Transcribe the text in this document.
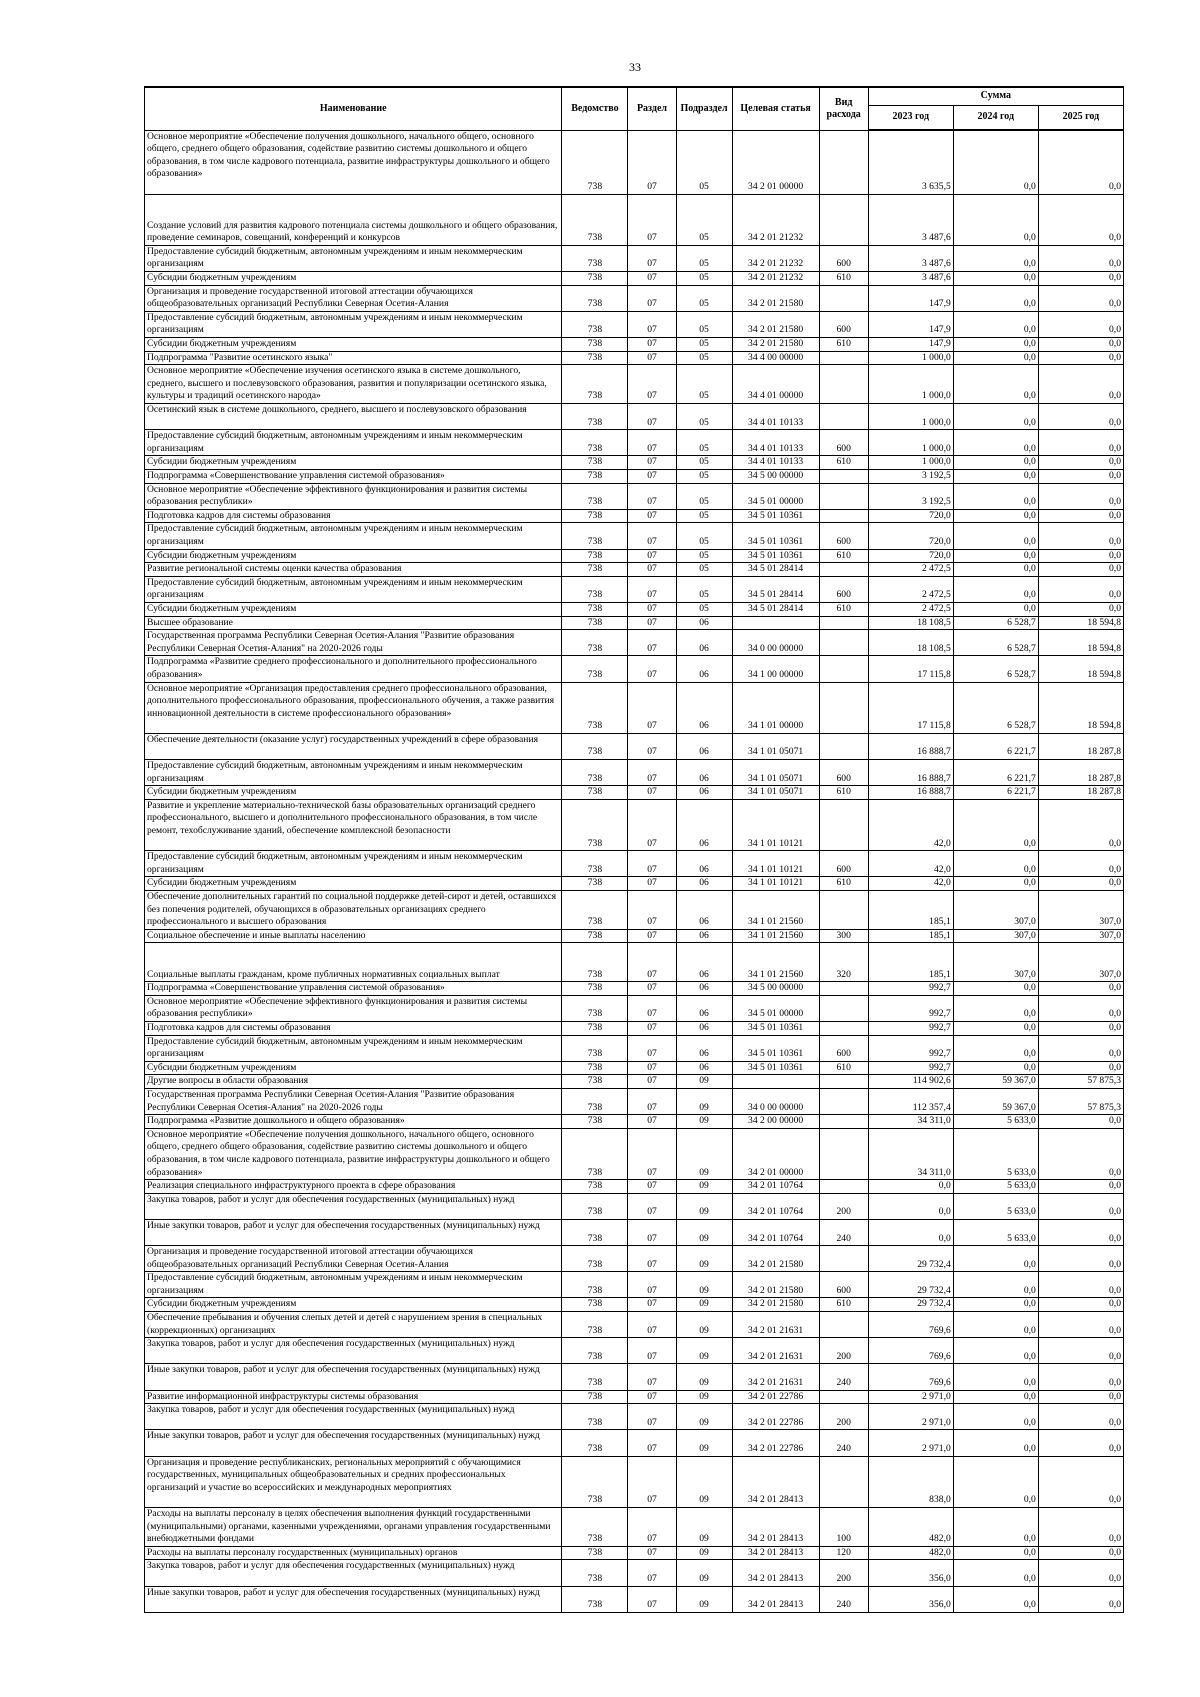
33
Наименование	Ведомство	Раздел	Подраздел	Целевая статья	Вид расхода	Сумма		
						2023 год	2024 год	2025 год
Основное мероприятие «Обеспечение получения дошкольного, начального общего, основного общего, среднего общего образования, содействие развитию системы дошкольного и общего образования, в том числе кадрового потенциала, развитие инфраструктуры дошкольного и общего образования»	738	07	05	34 2 01 00000		3 635,5	0,0	0,0
Создание условий для развития кадрового потенциала системы дошкольного и общего образования, проведение семинаров, совещаний, конференций и конкурсов	738	07	05	34 2 01 21232		3 487,6	0,0	0,0
Предоставление субсидий бюджетным, автономным учреждениям и иным некоммерческим организациям	738	07	05	34 2 01 21232	600	3 487,6	0,0	0,0
Субсидии бюджетным учреждениям	738	07	05	34 2 01 21232	610	3 487,6	0,0	0,0
Организация и проведение государственной итоговой аттестации обучающихся общеобразовательных организаций Республики Северная Осетия-Алания	738	07	05	34 2 01 21580		147,9	0,0	0,0
Предоставление субсидий бюджетным, автономным учреждениям и иным некоммерческим организациям	738	07	05	34 2 01 21580	600	147,9	0,0	0,0
Субсидии бюджетным учреждениям	738	07	05	34 2 01 21580	610	147,9	0,0	0,0
Подпрограмма "Развитие осетинского языка"	738	07	05	34 4 00 00000		1 000,0	0,0	0,0
Основное мероприятие «Обеспечение изучения осетинского языка в системе дошкольного, среднего, высшего и послевузовского образования, развития и популяризации осетинского языка, культуры и традиций осетинского народа»	738	07	05	34 4 01 00000		1 000,0	0,0	0,0
Осетинский язык в системе дошкольного, среднего, высшего и послевузовского образования	738	07	05	34 4 01 10133		1 000,0	0,0	0,0
Предоставление субсидий бюджетным, автономным учреждениям и иным некоммерческим организациям	738	07	05	34 4 01 10133	600	1 000,0	0,0	0,0
Субсидии бюджетным учреждениям	738	07	05	34 4 01 10133	610	1 000,0	0,0	0,0
Подпрограмма «Совершенствование управления системой образования»	738	07	05	34 5 00 00000		3 192,5	0,0	0,0
Основное мероприятие «Обеспечение эффективного функционирования и развития системы образования республики»	738	07	05	34 5 01 00000		3 192,5	0,0	0,0
Подготовка кадров для системы образования	738	07	05	34 5 01 10361		720,0	0,0	0,0
Предоставление субсидий бюджетным, автономным учреждениям и иным некоммерческим организациям	738	07	05	34 5 01 10361	600	720,0	0,0	0,0
Субсидии бюджетным учреждениям	738	07	05	34 5 01 10361	610	720,0	0,0	0,0
Развитие региональной системы оценки качества образования	738	07	05	34 5 01 28414		2 472,5	0,0	0,0
Предоставление субсидий бюджетным, автономным учреждениям и иным некоммерческим организациям	738	07	05	34 5 01 28414	600	2 472,5	0,0	0,0
Субсидии бюджетным учреждениям	738	07	05	34 5 01 28414	610	2 472,5	0,0	0,0
Высшее образование	738	07	06			18 108,5	6 528,7	18 594,8
Государственная программа Республики Северная Осетия-Алания "Развитие образования Республики Северная Осетия-Алания" на 2020-2026 годы	738	07	06	34 0 00 00000		18 108,5	6 528,7	18 594,8
Подпрограмма «Развитие среднего профессионального и дополнительного профессионального образования»	738	07	06	34 1 00 00000		17 115,8	6 528,7	18 594,8
Основное мероприятие «Организация предоставления среднего профессионального образования, дополнительного профессионального образования, профессионального обучения, а также развития инновационной деятельности в системе профессионального образования»	738	07	06	34 1 01 00000		17 115,8	6 528,7	18 594,8
Обеспечение деятельности (оказание услуг) государственных учреждений в сфере образования	738	07	06	34 1 01 05071		16 888,7	6 221,7	18 287,8
Предоставление субсидий бюджетным, автономным учреждениям и иным некоммерческим организациям	738	07	06	34 1 01 05071	600	16 888,7	6 221,7	18 287,8
Субсидии бюджетным учреждениям	738	07	06	34 1 01 05071	610	16 888,7	6 221,7	18 287,8
Развитие и укрепление материально-технической базы образовательных организаций среднего профессионального, высшего и дополнительного профессионального образования, в том числе ремонт, техобслуживание зданий, обеспечение комплексной безопасности	738	07	06	34 1 01 10121		42,0	0,0	0,0
Предоставление субсидий бюджетным, автономным учреждениям и иным некоммерческим организациям	738	07	06	34 1 01 10121	600	42,0	0,0	0,0
Субсидии бюджетным учреждениям	738	07	06	34 1 01 10121	610	42,0	0,0	0,0
Обеспечение дополнительных гарантий по социальной поддержке детей-сирот и детей, оставшихся без попечения родителей, обучающихся в образовательных организациях среднего профессионального и высшего образования	738	07	06	34 1 01 21560		185,1	307,0	307,0
Социальное обеспечение и иные выплаты населению	738	07	06	34 1 01 21560	300	185,1	307,0	307,0
Социальные выплаты гражданам, кроме публичных нормативных социальных выплат	738	07	06	34 1 01 21560	320	185,1	307,0	307,0
Подпрограмма «Совершенствование управления системой образования»	738	07	06	34 5 00 00000		992,7	0,0	0,0
Основное мероприятие «Обеспечение эффективного функционирования и развития системы образования республики»	738	07	06	34 5 01 00000		992,7	0,0	0,0
Подготовка кадров для системы образования	738	07	06	34 5 01 10361		992,7	0,0	0,0
Предоставление субсидий бюджетным, автономным учреждениям и иным некоммерческим организациям	738	07	06	34 5 01 10361	600	992,7	0,0	0,0
Субсидии бюджетным учреждениям	738	07	06	34 5 01 10361	610	992,7	0,0	0,0
Другие вопросы в области образования	738	07	09			114 902,6	59 367,0	57 875,3
Государственная программа Республики Северная Осетия-Алания "Развитие образования Республики Северная Осетия-Алания" на 2020-2026 годы	738	07	09	34 0 00 00000		112 357,4	59 367,0	57 875,3
Подпрограмма «Развитие дошкольного и общего образования»	738	07	09	34 2 00 00000		34 311,0	5 633,0	0,0
Основное мероприятие «Обеспечение получения дошкольного, начального общего, основного общего, среднего общего образования, содействие развитию системы дошкольного и общего образования, в том числе кадрового потенциала, развитие инфраструктуры дошкольного и общего образования»	738	07	09	34 2 01 00000		34 311,0	5 633,0	0,0
Реализация специального инфраструктурного проекта в сфере образования	738	07	09	34 2 01 10764		0,0	5 633,0	0,0
Закупка товаров, работ и услуг для обеспечения государственных (муниципальных) нужд	738	07	09	34 2 01 10764	200	0,0	5 633,0	0,0
Иные закупки товаров, работ и услуг для обеспечения государственных (муниципальных) нужд	738	07	09	34 2 01 10764	240	0,0	5 633,0	0,0
Организация и проведение государственной итоговой аттестации обучающихся общеобразовательных организаций Республики Северная Осетия-Алания	738	07	09	34 2 01 21580		29 732,4	0,0	0,0
Предоставление субсидий бюджетным, автономным учреждениям и иным некоммерческим организациям	738	07	09	34 2 01 21580	600	29 732,4	0,0	0,0
Субсидии бюджетным учреждениям	738	07	09	34 2 01 21580	610	29 732,4	0,0	0,0
Обеспечение пребывания и обучения слепых детей и детей с нарушением зрения в специальных (коррекционных) организациях	738	07	09	34 2 01 21631		769,6	0,0	0,0
Закупка товаров, работ и услуг для обеспечения государственных (муниципальных) нужд	738	07	09	34 2 01 21631	200	769,6	0,0	0,0
Иные закупки товаров, работ и услуг для обеспечения государственных (муниципальных) нужд	738	07	09	34 2 01 21631	240	769,6	0,0	0,0
Развитие информационной инфраструктуры системы образования	738	07	09	34 2 01 22786		2 971,0	0,0	0,0
Закупка товаров, работ и услуг для обеспечения государственных (муниципальных) нужд	738	07	09	34 2 01 22786	200	2 971,0	0,0	0,0
Иные закупки товаров, работ и услуг для обеспечения государственных (муниципальных) нужд	738	07	09	34 2 01 22786	240	2 971,0	0,0	0,0
Организация и проведение республиканских, региональных мероприятий с обучающимися государственных, муниципальных общеобразовательных и средних профессиональных организаций и участие во всероссийских и международных мероприятиях	738	07	09	34 2 01 28413		838,0	0,0	0,0
Расходы на выплаты персоналу в целях обеспечения выполнения функций государственными (муниципальными) органами, казенными учреждениями, органами управления государственными внебюджетными фондами	738	07	09	34 2 01 28413	100	482,0	0,0	0,0
Расходы на выплаты персоналу государственных (муниципальных) органов	738	07	09	34 2 01 28413	120	482,0	0,0	0,0
Закупка товаров, работ и услуг для обеспечения государственных (муниципальных) нужд	738	07	09	34 2 01 28413	200	356,0	0,0	0,0
Иные закупки товаров, работ и услуг для обеспечения государственных (муниципальных) нужд	738	07	09	34 2 01 28413	240	356,0	0,0	0,0
